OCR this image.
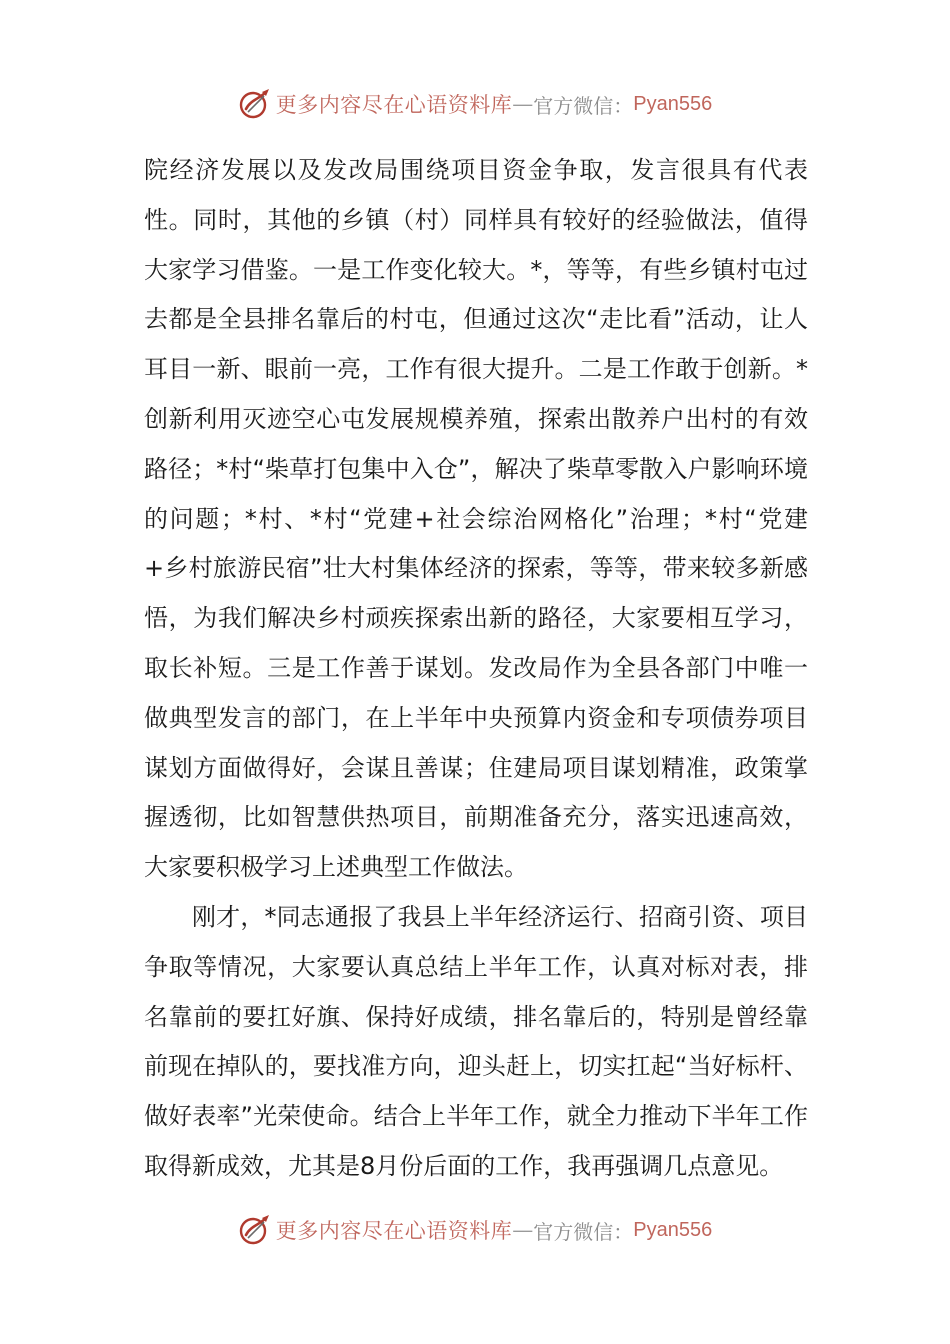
更多内容尽在心语资料库 — 官方微信： Pyan556

院经济发展以及发改局围绕项目资金争取，发言很具有代表性。同时，其他的乡镇（村）同样具有较好的经验做法，值得大家学习借鉴。一是工作变化较大。*，等等，有些乡镇村屯过去都是全县排名靠后的村屯，但通过这次“走比看”活动，让人耳目一新、眼前一亮，工作有很大提升。二是工作敢于创新。*创新利用灭迹空心屯发展规模养殖，探索出散养户出村的有效路径；*村“柴草打包集中入仓”，解决了柴草零散入户影响环境的问题；*村、*村“党建+社会综治网格化”治理；*村“党建+乡村旅游民宿”壮大村集体经济的探索，等等，带来较多新感悟，为我们解决乡村顽疾探索出新的路径，大家要相互学习，取长补短。三是工作善于谋划。发改局作为全县各部门中唯一做典型发言的部门，在上半年中央预算内资金和专项债券项目谋划方面做得好，会谋且善谋；住建局项目谋划精准，政策掌握透彻，比如智慧供热项目，前期准备充分，落实迅速高效，大家要积极学习上述典型工作做法。

刚才，*同志通报了我县上半年经济运行、招商引资、项目争取等情况，大家要认真总结上半年工作，认真对标对表，排名靠前的要扛好旗、保持好成绩，排名靠后的，特别是曾经靠前现在掉队的，要找准方向，迎头赶上，切实扛起“当好标杆、做好表率”光荣使命。结合上半年工作，就全力推动下半年工作取得新成效，尤其是8月份后面的工作，我再强调几点意见。

更多内容尽在心语资料库 — 官方微信： Pyan556
